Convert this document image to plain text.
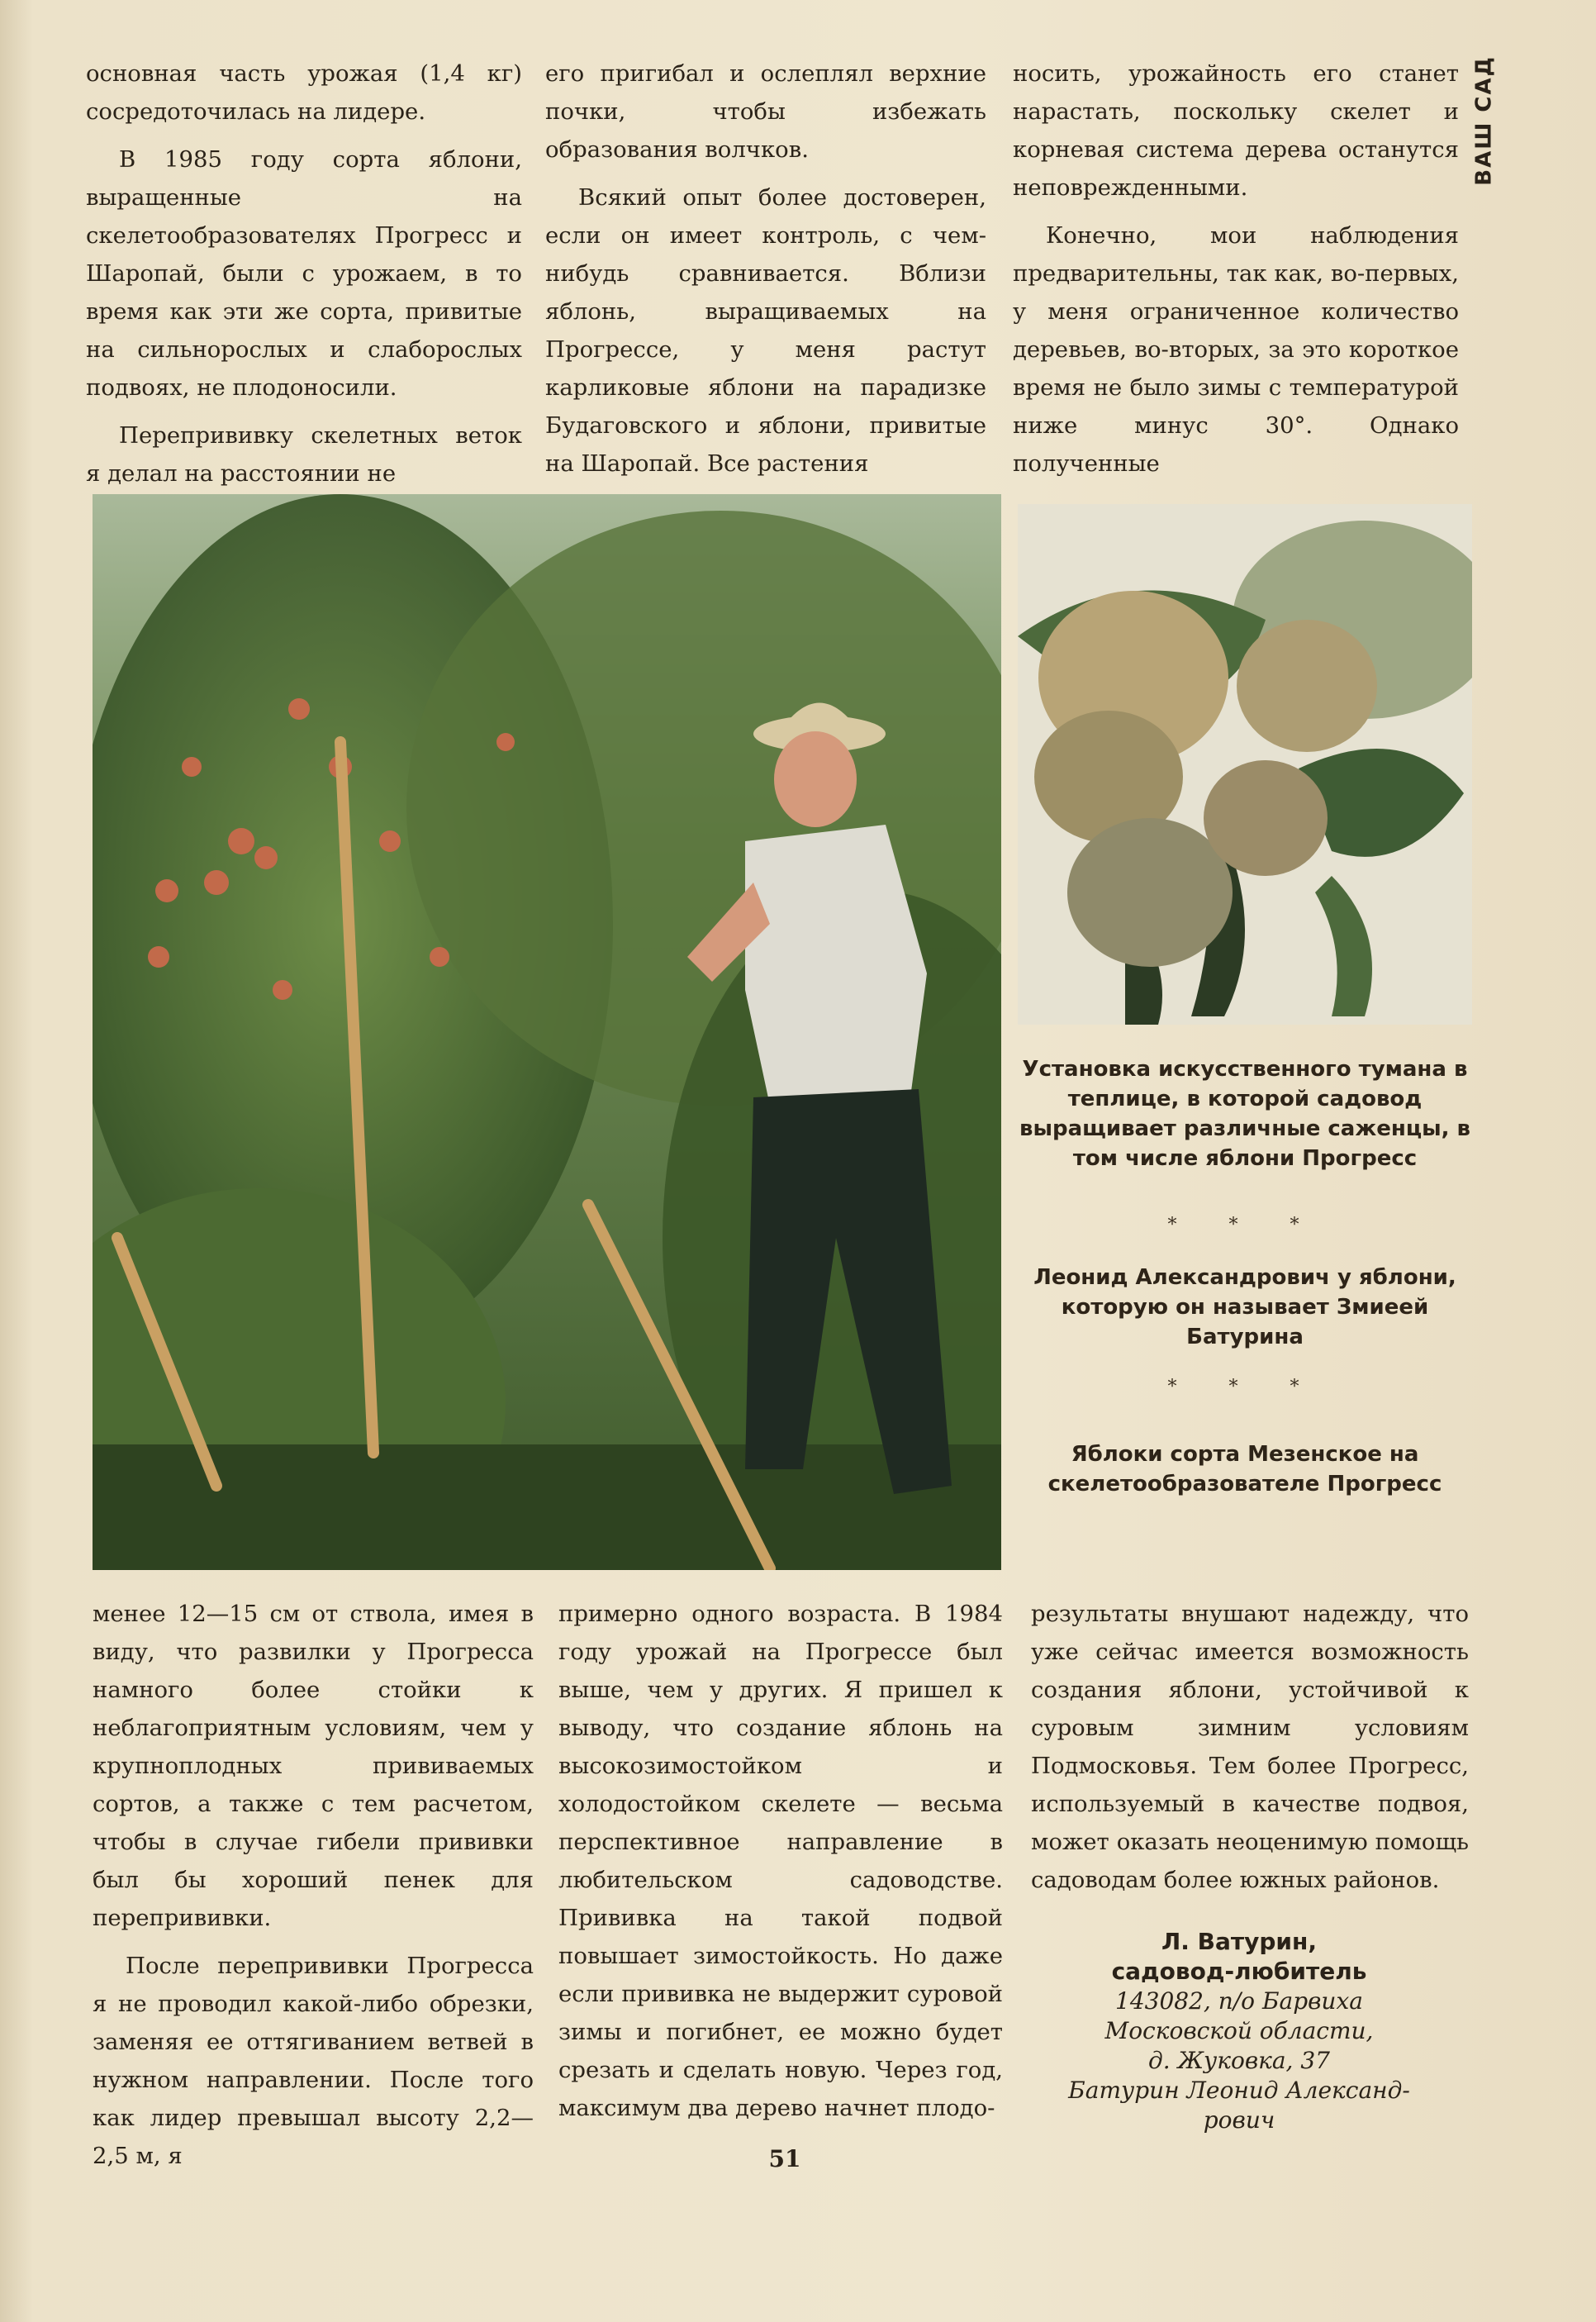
ВАШ САД

основная часть урожая (1,4 кг) сосредоточилась на лидере.

В 1985 году сорта яблони, выращенные на скелетообразователях Прогресс и Шаропай, были с урожаем, в то время как эти же сорта, привитые на сильнорослых и слаборослых подвоях, не плодоносили.

Перепрививку скелетных веток я делал на расстоянии не

его пригибал и ослеплял верхние почки, чтобы избежать образования волчков.

Всякий опыт более достоверен, если он имеет контроль, с чем-нибудь сравнивается. Вблизи яблонь, выращиваемых на Прогрессе, у меня растут карликовые яблони на парадизке Будаговского и яблони, привитые на Шаропай. Все растения

носить, урожайность его станет нарастать, поскольку скелет и корневая система дерева останутся неповрежденными.

Конечно, мои наблюдения предварительны, так как, во-первых, у меня ограниченное количество деревьев, во-вторых, за это короткое время не было зимы с температурой ниже минус 30°. Однако полученные

Установка искусственного тумана в теплице, в которой садовод выращивает различные саженцы, в том числе яблони Прогресс
* * *
Леонид Александрович у яблони, которую он называет Змиеей Батурина
* * *
Яблоки сорта Мезенское на скелетообразователе Прогресс

менее 12—15 см от ствола, имея в виду, что развилки у Прогресса намного более стойки к неблагоприятным условиям, чем у крупноплодных прививаемых сортов, а также с тем расчетом, чтобы в случае гибели прививки был бы хороший пенек для перепрививки.

После перепрививки Прогресса я не проводил какой-либо обрезки, заменяя ее оттягиванием ветвей в нужном направлении. После того как лидер превышал высоту 2,2—2,5 м, я

примерно одного возраста. В 1984 году урожай на Прогрессе был выше, чем у других. Я пришел к выводу, что создание яблонь на высокозимостойком и холодостойком скелете — весьма перспективное направление в любительском садоводстве. Прививка на такой подвой повышает зимостойкость. Но даже если прививка не выдержит суровой зимы и погибнет, ее можно будет срезать и сделать новую. Через год, максимум два дерево начнет плодо-

результаты внушают надежду, что уже сейчас имеется возможность создания яблони, устойчивой к суровым зимним условиям Подмосковья. Тем более Прогресс, используемый в качестве подвоя, может оказать неоценимую помощь садоводам более южных районов.

Л. Ватурин,
садовод-любитель
143082, п/о Барвиха
Московской области,
д. Жуковка, 37
Батурин Леонид Александ-
рович
51
